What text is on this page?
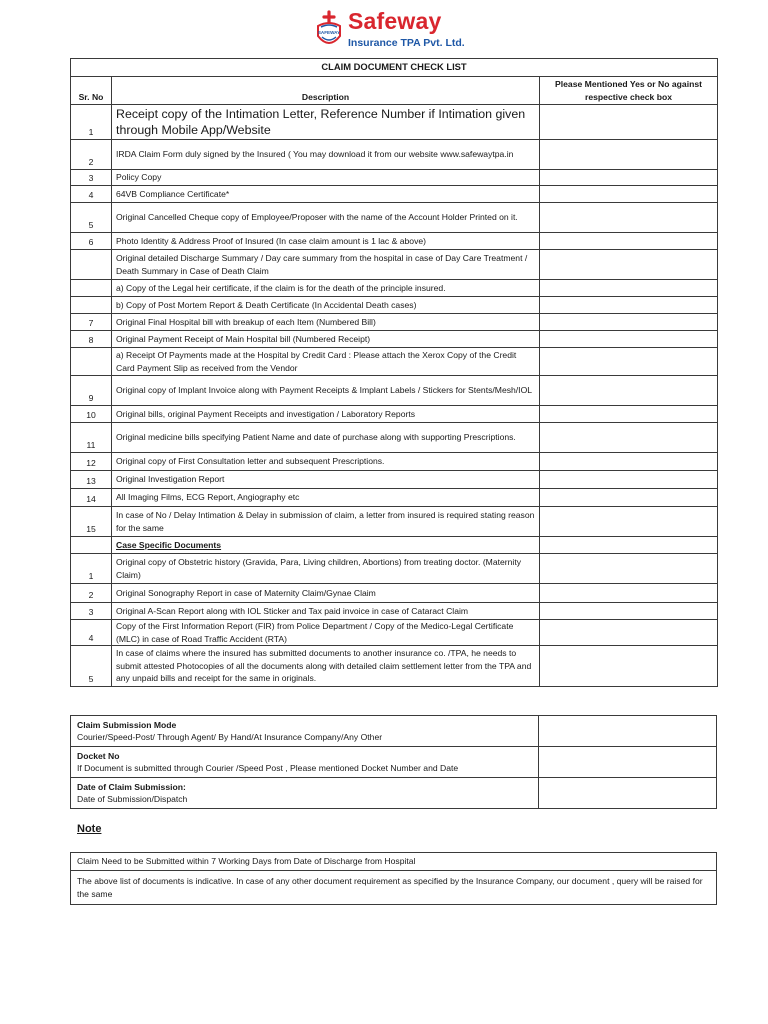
SAFEWAY Safeway
Insurance TPA Pvt. Ltd.
CLAIM DOCUMENT CHECK LIST		
Sr. No	Description	Please Mentioned Yes or No against respective check box
1	Receipt copy of the Intimation Letter, Reference Number if Intimation given through Mobile App/Website	
2	IRDA Claim Form duly signed by the Insured ( You may download it from our website www.safewaytpa.in	
3	Policy Copy	
4	64VB Compliance Certificate*	
5	Original Cancelled Cheque copy of Employee/Proposer with the name of the Account Holder Printed on it.	
6	Photo Identity & Address Proof of Insured (In case claim amount is 1 lac & above)	
	Original detailed Discharge Summary / Day care summary from the hospital in case of Day Care Treatment / Death Summary in Case of Death Claim	
	a) Copy of the Legal heir certificate, if the claim is for the death of the principle insured.	
	b) Copy of Post Mortem Report & Death Certificate (In Accidental Death cases)	
7	Original Final Hospital bill with breakup of each Item (Numbered Bill)	
8	Original Payment Receipt of Main Hospital bill (Numbered Receipt)	
	a) Receipt Of Payments made at the Hospital by Credit Card : Please attach the Xerox Copy of the Credit Card Payment Slip as received from the Vendor	
9	Original copy of Implant Invoice along with Payment Receipts & Implant Labels / Stickers for Stents/Mesh/IOL	
10	Original bills, original Payment Receipts and investigation / Laboratory Reports	
11	Original medicine bills specifying Patient Name and date of purchase along with supporting Prescriptions.	
12	Original copy of First Consultation letter and subsequent Prescriptions.	
13	Original Investigation Report	
14	All Imaging Films, ECG Report, Angiography etc	
15	In case of No / Delay Intimation & Delay in submission of claim, a letter from insured is required stating reason for the same	
	Case Specific Documents	
1	Original copy of Obstetric history (Gravida, Para, Living children, Abortions) from treating doctor. (Maternity Claim)	
2	Original Sonography Report in case of Maternity Claim/Gynae Claim	
3	Original A-Scan Report along with IOL Sticker and Tax paid invoice in case of Cataract Claim	
4	Copy of the First Information Report (FIR) from Police Department / Copy of the Medico-Legal Certificate (MLC) in case of Road Traffic Accident (RTA)	
5	In case of claims where the insured has submitted documents to another insurance co. /TPA, he needs to submit attested Photocopies of all the documents along with detailed claim settlement letter from the TPA and any unpaid bills and receipt for the same in originals.	
Claim Submission Mode
Courier/Speed-Post/ Through Agent/ By Hand/At Insurance Company/Any Other	

Docket No
If Document is submitted through Courier /Speed Post , Please mentioned Docket Number and Date	

Date of Claim Submission:
Date of Submission/Dispatch	

Note
Claim Need to be Submitted within 7 Working Days from Date of Discharge from Hospital
The above list of documents is indicative. In case of any other document requirement as specified by the Insurance Company, our document , query will be raised for the same
